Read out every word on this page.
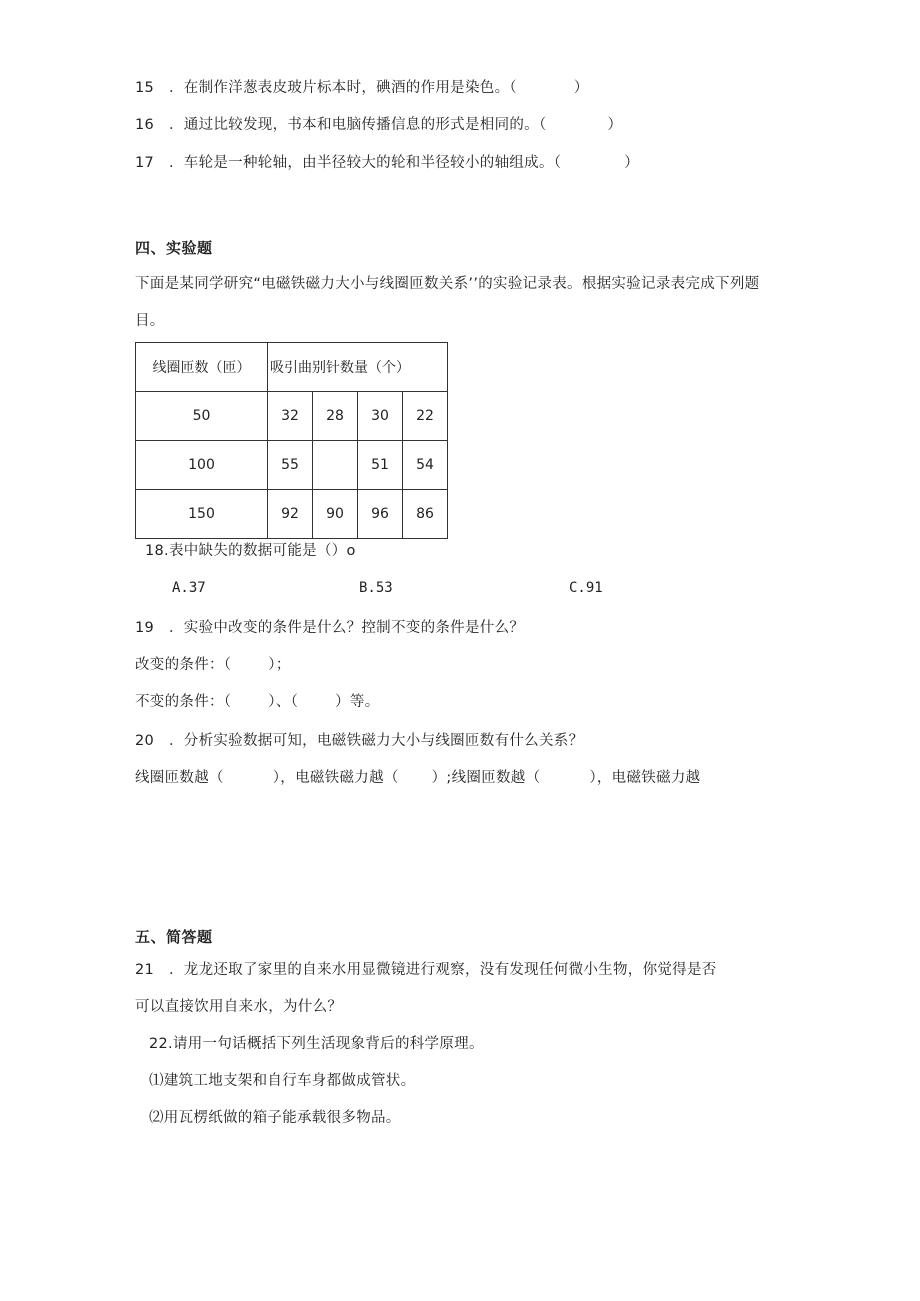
15 ．在制作洋葱表皮玻片标本时，碘酒的作用是染色。（	）
16 ．通过比较发现，书本和电脑传播信息的形式是相同的。（	）
17 ．车轮是一种轮轴，由半径较大的轮和半径较小的轴组成。（	）
四、实验题
下面是某同学研究“电磁铁磁力大小与线圈匝数关系’’的实验记录表。根据实验记录表完成下列题
目。
线圈匝数（匝）	吸引曲别针数量（个）			
50	32	28	30	22
100	55		51	54
150	92	90	96	86
18.表中缺失的数据可能是（）o
A.37	B.53	C.91
19 ．实验中改变的条件是什么？控制不变的条件是什么？
改变的条件：（	）；
不变的条件：（	）、（	）等。
20 ．分析实验数据可知，电磁铁磁力大小与线圈匝数有什么关系？
线圈匝数越（	），电磁铁磁力越（ ）;线圈匝数越（	），电磁铁磁力越
五、简答题
21 ．龙龙还取了家里的自来水用显微镜进行观察，没有发现任何微小生物，你觉得是否
可以直接饮用自来水，为什么？
22.请用一句话概括下列生活现象背后的科学原理。
⑴建筑工地支架和自行车身都做成管状。
⑵用瓦楞纸做的箱子能承载很多物品。
